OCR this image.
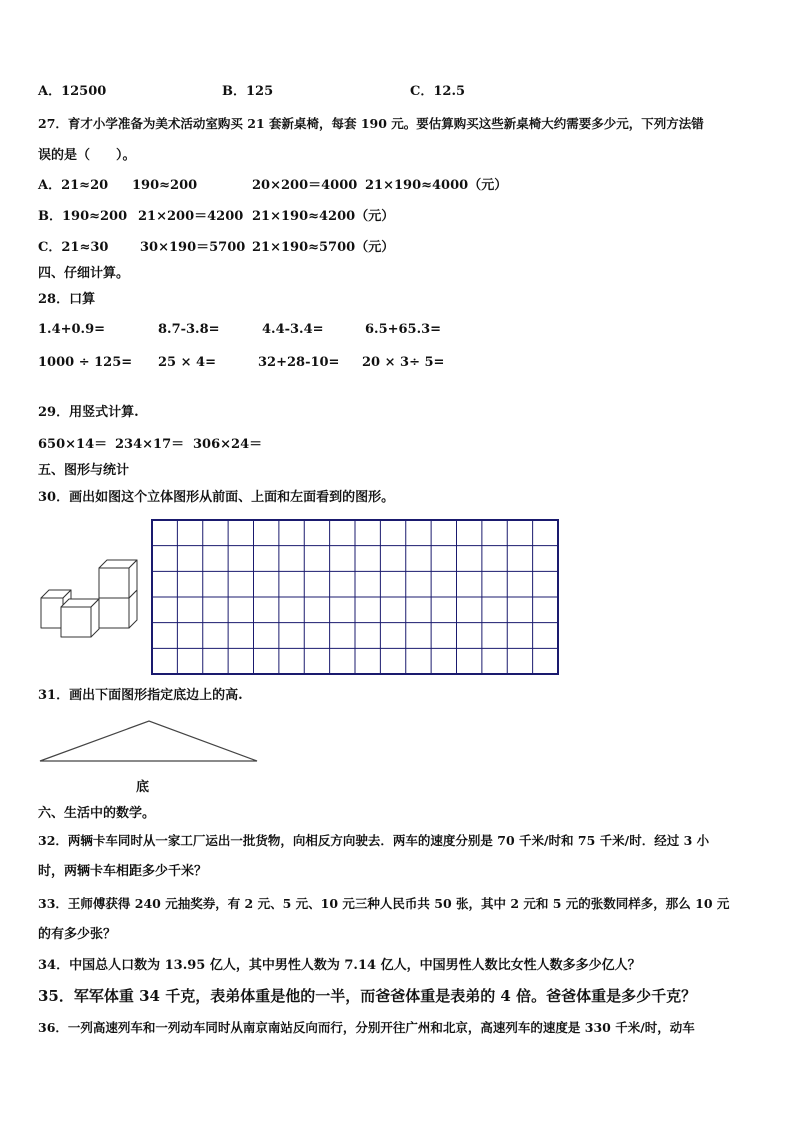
A．12500	B．125	C．12.5
27．育才小学准备为美术活动室购买 21 套新桌椅，每套 190 元。要估算购买这些新桌椅大约需要多少元，下列方法错
误的是（　　）。
A．21≈20 190≈200	20×200＝4000 21×190≈4000（元）
B．190≈200 21×200＝4200 21×190≈4200（元）
C．21≈30 30×190＝5700 21×190≈5700（元）
四、仔细计算。
28．口算
1.4+0.9=	8.7-3.8=	4.4-3.4=	6.5+65.3=
1000 ÷ 125= 25 × 4=	32+28-10= 20 × 3÷ 5=
29．用竖式计算.
650×14＝ 234×17＝ 306×24＝
五、图形与统计
30．画出如图这个立体图形从前面、上面和左面看到的图形。
31．画出下面图形指定底边上的高.
底
六、生活中的数学。
32．两辆卡车同时从一家工厂运出一批货物，向相反方向驶去．两车的速度分别是 70 千米/时和 75 千米/时．经过 3 小
时，两辆卡车相距多少千米？
33．王师傅获得 240 元抽奖券，有 2 元、5 元、10 元三种人民币共 50 张，其中 2 元和 5 元的张数同样多，那么 10 元
的有多少张？
34．中国总人口数为 13.95 亿人，其中男性人数为 7.14 亿人，中国男性人数比女性人数多多少亿人？
35．军军体重 34 千克，表弟体重是他的一半，而爸爸体重是表弟的 4 倍。爸爸体重是多少千克？
36．一列高速列车和一列动车同时从南京南站反向而行，分别开往广州和北京，高速列车的速度是 330 千米/时，动车
